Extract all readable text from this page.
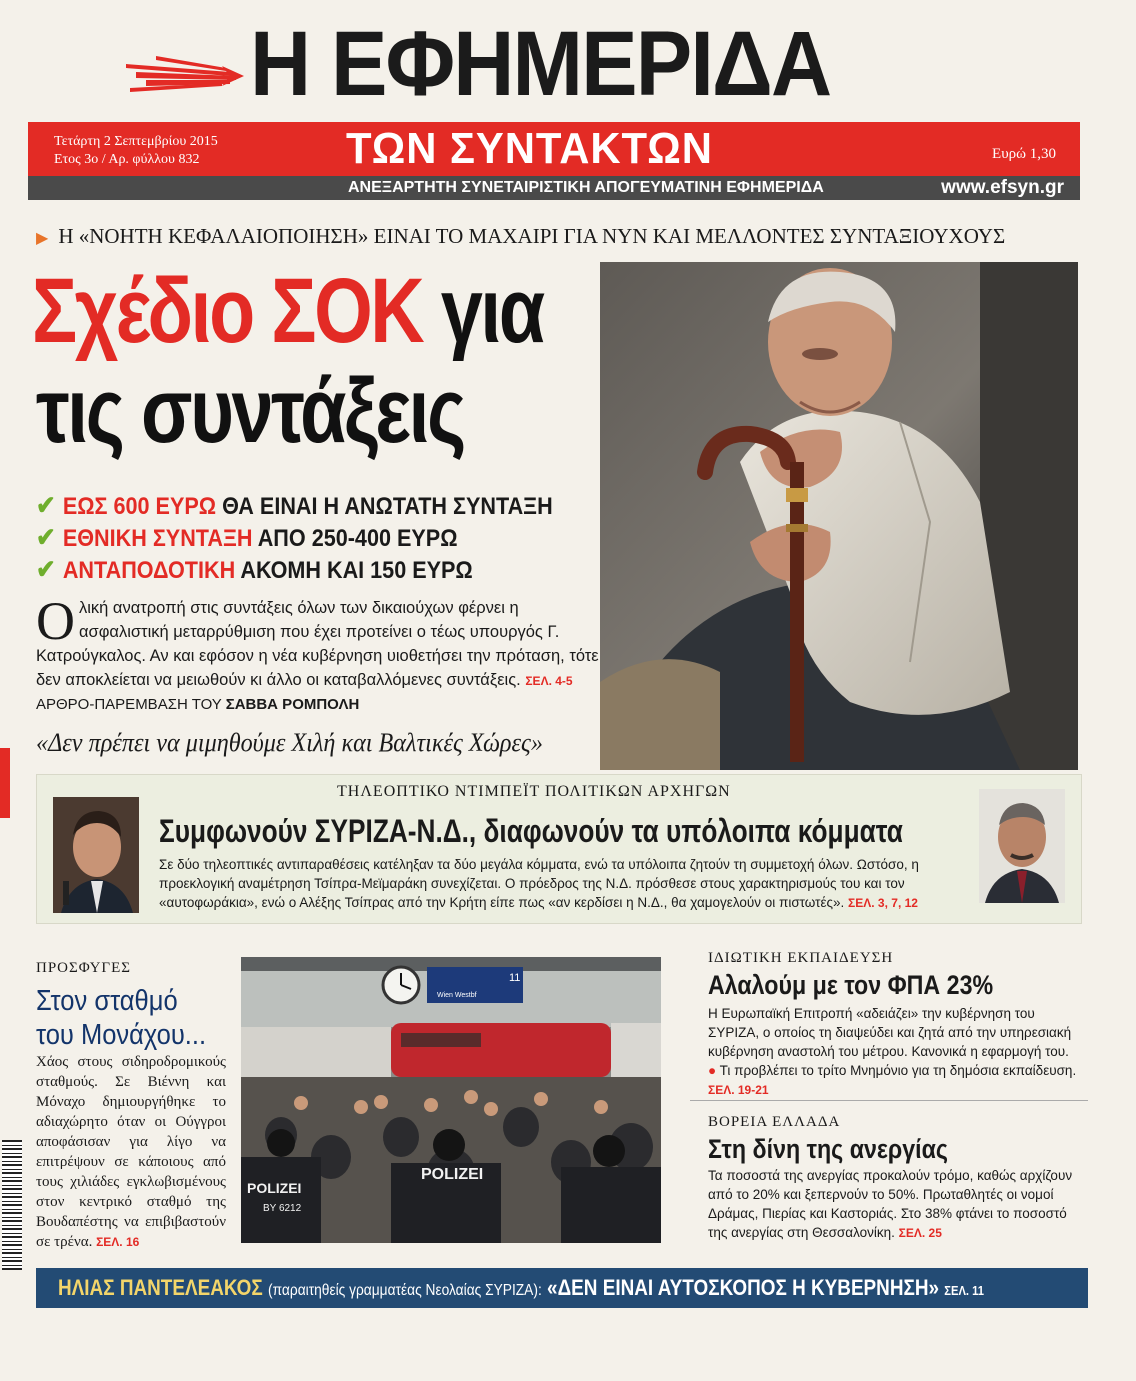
Η ΕΦΗΜΕΡΙΔΑ
Τετάρτη 2 Σεπτεμβρίου 2015
Ετος 3ο / Αρ. φύλλου 832	ΤΩΝ ΣΥΝΤΑΚΤΩΝ	Ευρώ 1,30
ΑΝΕΞΑΡΤΗΤΗ ΣΥΝΕΤΑΙΡΙΣΤΙΚΗ ΑΠΟΓΕΥΜΑΤΙΝΗ ΕΦΗΜΕΡΙΔΑ	www.efsyn.gr
▶ Η «ΝΟΗΤΗ ΚΕΦΑΛΑΙΟΠΟΙΗΣΗ» ΕΙΝΑΙ ΤΟ ΜΑΧΑΙΡΙ ΓΙΑ ΝΥΝ ΚΑΙ ΜΕΛΛΟΝΤΕΣ ΣΥΝΤΑΞΙΟΥΧΟΥΣ
Σχέδιο ΣΟΚ για
τις συντάξεις
✔ ΕΩΣ 600 ΕΥΡΩ ΘΑ ΕΙΝΑΙ Η ΑΝΩΤΑΤΗ ΣΥΝΤΑΞΗ
✔ ΕΘΝΙΚΗ ΣΥΝΤΑΞΗ ΑΠΟ 250-400 ΕΥΡΩ
✔ ΑΝΤΑΠΟΔΟΤΙΚΗ ΑΚΟΜΗ ΚΑΙ 150 ΕΥΡΩ
Ολική ανατροπή στις συντάξεις όλων των δικαιούχων φέρνει η ασφαλιστική μεταρρύθμιση που έχει προτείνει ο τέως υπουργός Γ. Κατρούγκαλος. Αν και εφόσον η νέα κυβέρνηση υιοθετήσει την πρόταση, τότε δεν αποκλείεται να μειωθούν κι άλλο οι καταβαλλόμενες συντάξεις. ΣΕΛ. 4-5
ΑΡΘΡΟ-ΠΑΡΕΜΒΑΣΗ ΤΟΥ ΣΑΒΒΑ ΡΟΜΠΟΛΗ
«Δεν πρέπει να μιμηθούμε Χιλή και Βαλτικές Χώρες»
ΤΗΛΕΟΠΤΙΚΟ ΝΤΙΜΠΕΪΤ ΠΟΛΙΤΙΚΩΝ ΑΡΧΗΓΩΝ
Συμφωνούν ΣΥΡΙΖΑ-Ν.Δ., διαφωνούν τα υπόλοιπα κόμματα
Σε δύο τηλεοπτικές αντιπαραθέσεις κατέληξαν τα δύο μεγάλα κόμματα, ενώ τα υπόλοιπα ζητούν τη συμμετοχή όλων. Ωστόσο, η προεκλογική αναμέτρηση Τσίπρα-Μεϊμαράκη συνεχίζεται. Ο πρόεδρος της Ν.Δ. πρόσθεσε στους χαρακτηρισμούς του και τον «αυτοφωράκια», ενώ ο Αλέξης Τσίπρας από την Κρήτη είπε πως «αν κερδίσει η Ν.Δ., θα χαμογελούν οι πιστωτές». ΣΕΛ. 3, 7, 12
ΠΡΟΣΦΥΓΕΣ
Στον σταθμό
του Μονάχου...
Χάος στους σιδηροδρομικούς σταθμούς. Σε Βιέννη και Μόναχο δημιουργήθηκε το αδιαχώρητο όταν οι Ούγγροι αποφάσισαν για λίγο να επιτρέψουν σε κάποιους από τους χιλιάδες εγκλωβισμένους στον κεντρικό σταθμό της Βουδαπέστης να επιβιβαστούν σε τρένα. ΣΕΛ. 16
11
Wien Westbf
POLIZEI
POLIZEI
BY 6212
ΙΔΙΩΤΙΚΗ ΕΚΠΑΙΔΕΥΣΗ
Αλαλούμ με τον ΦΠΑ 23%
Η Ευρωπαϊκή Επιτροπή «αδειάζει» την κυβέρνηση του ΣΥΡΙΖΑ, ο οποίος τη διαψεύδει και ζητά από την υπηρεσιακή κυβέρνηση αναστολή του μέτρου. Κανονικά η εφαρμογή του.
● Τι προβλέπει το τρίτο Μνημόνιο για τη δημόσια εκπαίδευση.
ΣΕΛ. 19-21
ΒΟΡΕΙΑ ΕΛΛΑΔΑ
Στη δίνη της ανεργίας
Τα ποσοστά της ανεργίας προκαλούν τρόμο, καθώς αρχίζουν από το 20% και ξεπερνούν το 50%. Πρωταθλητές οι νομοί Δράμας, Πιερίας και Καστοριάς. Στο 38% φτάνει το ποσοστό της ανεργίας στη Θεσσαλονίκη. ΣΕΛ. 25
ΗΛΙΑΣ ΠΑΝΤΕΛΕΑΚΟΣ (παραιτηθείς γραμματέας Νεολαίας ΣΥΡΙΖΑ): «ΔΕΝ ΕΙΝΑΙ ΑΥΤΟΣΚΟΠΟΣ Η ΚΥΒΕΡΝΗΣΗ» ΣΕΛ. 11
